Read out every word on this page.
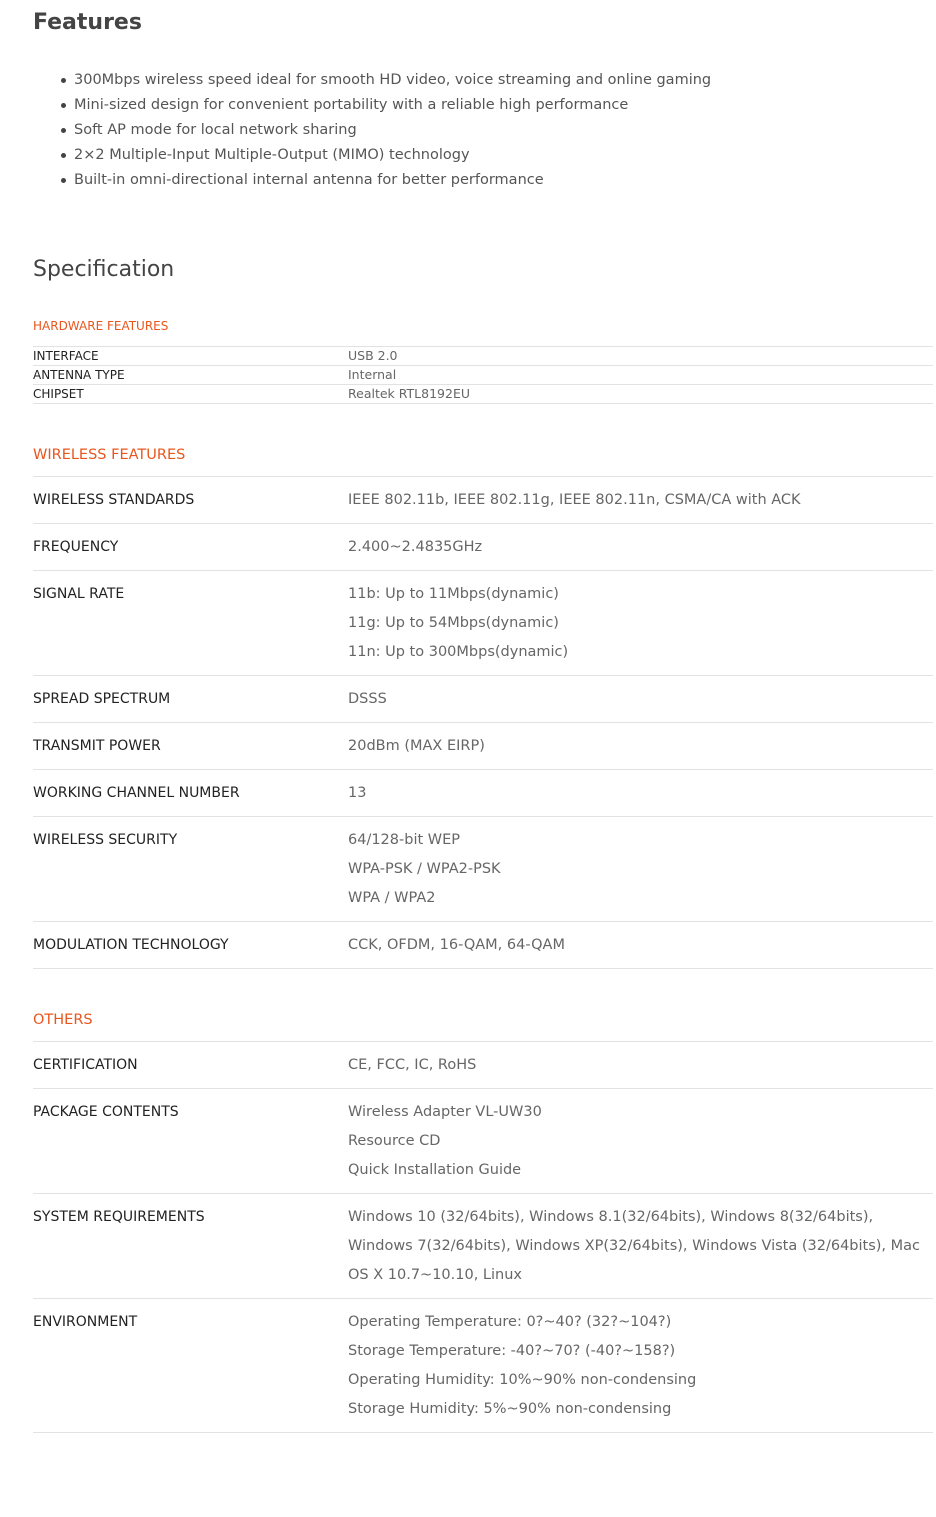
Features
300Mbps wireless speed ideal for smooth HD video, voice streaming and online gaming
Mini-sized design for convenient portability with a reliable high performance
Soft AP mode for local network sharing
2×2 Multiple-Input Multiple-Output (MIMO) technology
Built-in omni-directional internal antenna for better performance
Specification
HARDWARE FEATURES
INTERFACE	USB 2.0

ANTENNA TYPE	Internal

CHIPSET	Realtek RTL8192EU
WIRELESS FEATURES
WIRELESS STANDARDS	IEEE 802.11b, IEEE 802.11g, IEEE 802.11n, CSMA/CA with ACK

FREQUENCY	2.400~2.4835GHz

SIGNAL RATE	11b: Up to 11Mbps(dynamic)
11g: Up to 54Mbps(dynamic)
11n: Up to 300Mbps(dynamic)

SPREAD SPECTRUM	DSSS

TRANSMIT POWER	20dBm (MAX EIRP)

WORKING CHANNEL NUMBER	13

WIRELESS SECURITY	64/128-bit WEP
WPA-PSK / WPA2-PSK
WPA / WPA2

MODULATION TECHNOLOGY	CCK, OFDM, 16-QAM, 64-QAM
OTHERS
CERTIFICATION	CE, FCC, IC, RoHS

PACKAGE CONTENTS	Wireless Adapter VL-UW30
Resource CD
Quick Installation Guide

SYSTEM REQUIREMENTS	Windows 10 (32/64bits), Windows 8.1(32/64bits), Windows 8(32/64bits), Windows 7(32/64bits), Windows XP(32/64bits), Windows Vista (32/64bits), Mac OS X 10.7~10.10, Linux

ENVIRONMENT	Operating Temperature: 0?~40? (32?~104?)
Storage Temperature: -40?~70? (-40?~158?)
Operating Humidity: 10%~90% non-condensing
Storage Humidity: 5%~90% non-condensing
